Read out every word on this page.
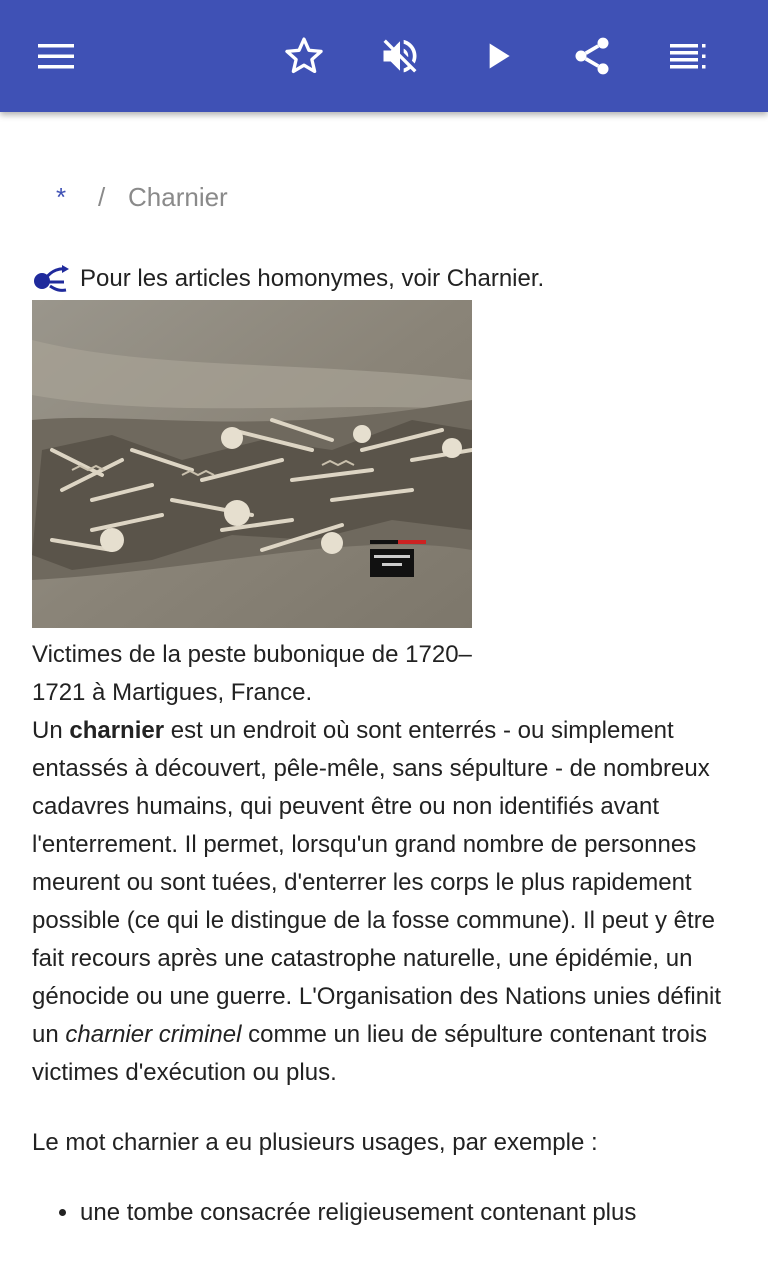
*	/ Charnier
Pour les articles homonymes, voir Charnier.
Victimes de la peste bubonique de 1720–1721 à Martigues, France.

Un charnier est un endroit où sont enterrés - ou simplement entassés à découvert, pêle-mêle, sans sépulture - de nombreux cadavres humains, qui peuvent être ou non identifiés avant l'enterrement. Il permet, lorsqu'un grand nombre de personnes meurent ou sont tuées, d'enterrer les corps le plus rapidement possible (ce qui le distingue de la fosse commune). Il peut y être fait recours après une catastrophe naturelle, une épidémie, un génocide ou une guerre. L'Organisation des Nations unies définit un charnier criminel comme un lieu de sépulture contenant trois victimes d'exécution ou plus.

Le mot charnier a eu plusieurs usages, par exemple :

• une tombe consacrée religieusement contenant plus
